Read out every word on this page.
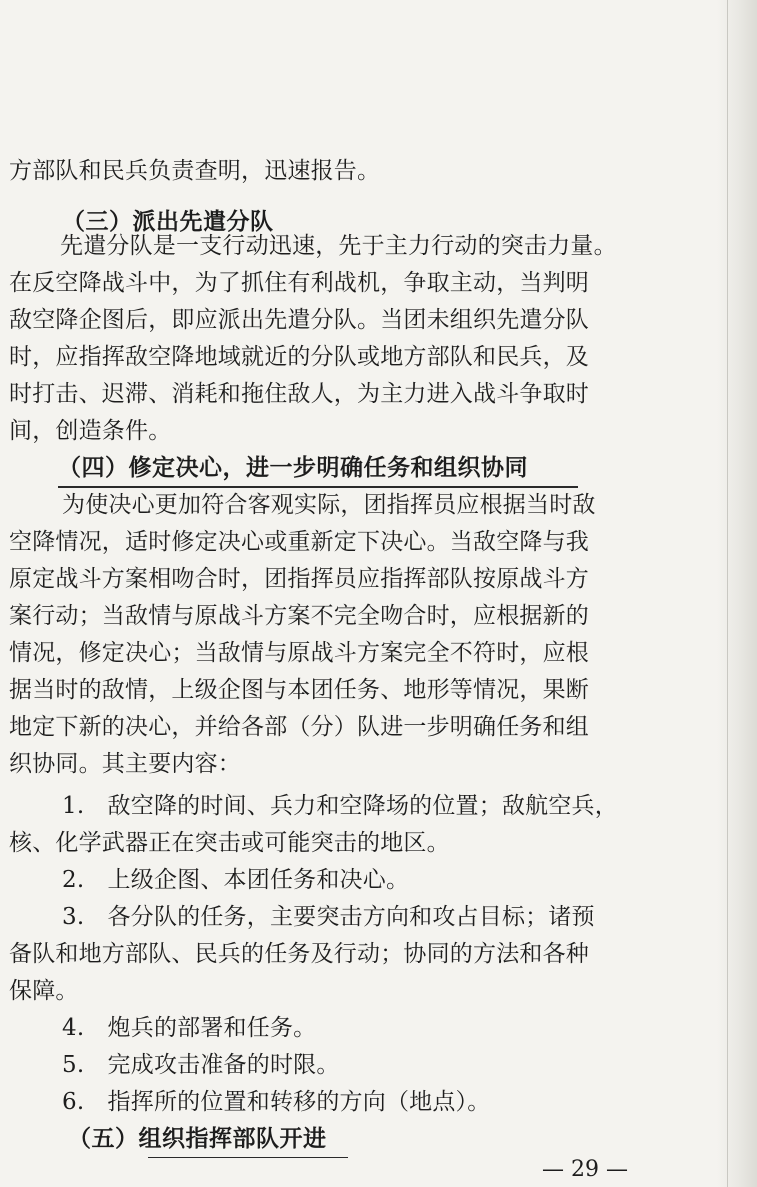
方部队和民兵负责查明，迅速报告。
（三）派出先遣分队
先遣分队是一支行动迅速，先于主力行动的突击力量。
在反空降战斗中，为了抓住有利战机，争取主动，当判明
敌空降企图后，即应派出先遣分队。当团未组织先遣分队
时，应指挥敌空降地域就近的分队或地方部队和民兵，及
时打击、迟滞、消耗和拖住敌人，为主力进入战斗争取时
间，创造条件。
（四）修定决心，进一步明确任务和组织协同
为使决心更加符合客观实际，团指挥员应根据当时敌
空降情况，适时修定决心或重新定下决心。当敌空降与我
原定战斗方案相吻合时，团指挥员应指挥部队按原战斗方
案行动；当敌情与原战斗方案不完全吻合时，应根据新的
情况，修定决心；当敌情与原战斗方案完全不符时，应根
据当时的敌情，上级企图与本团任务、地形等情况，果断
地定下新的决心，并给各部（分）队进一步明确任务和组
织协同。其主要内容：
1.　敌空降的时间、兵力和空降场的位置；敌航空兵，
核、化学武器正在突击或可能突击的地区。
2.　上级企图、本团任务和决心。
3.　各分队的任务，主要突击方向和攻占目标；诸预
备队和地方部队、民兵的任务及行动；协同的方法和各种
保障。
4.　炮兵的部署和任务。
5.　完成攻击准备的时限。
6.　指挥所的位置和转移的方向（地点）。
（五）组织指挥部队开进
— 29 —
